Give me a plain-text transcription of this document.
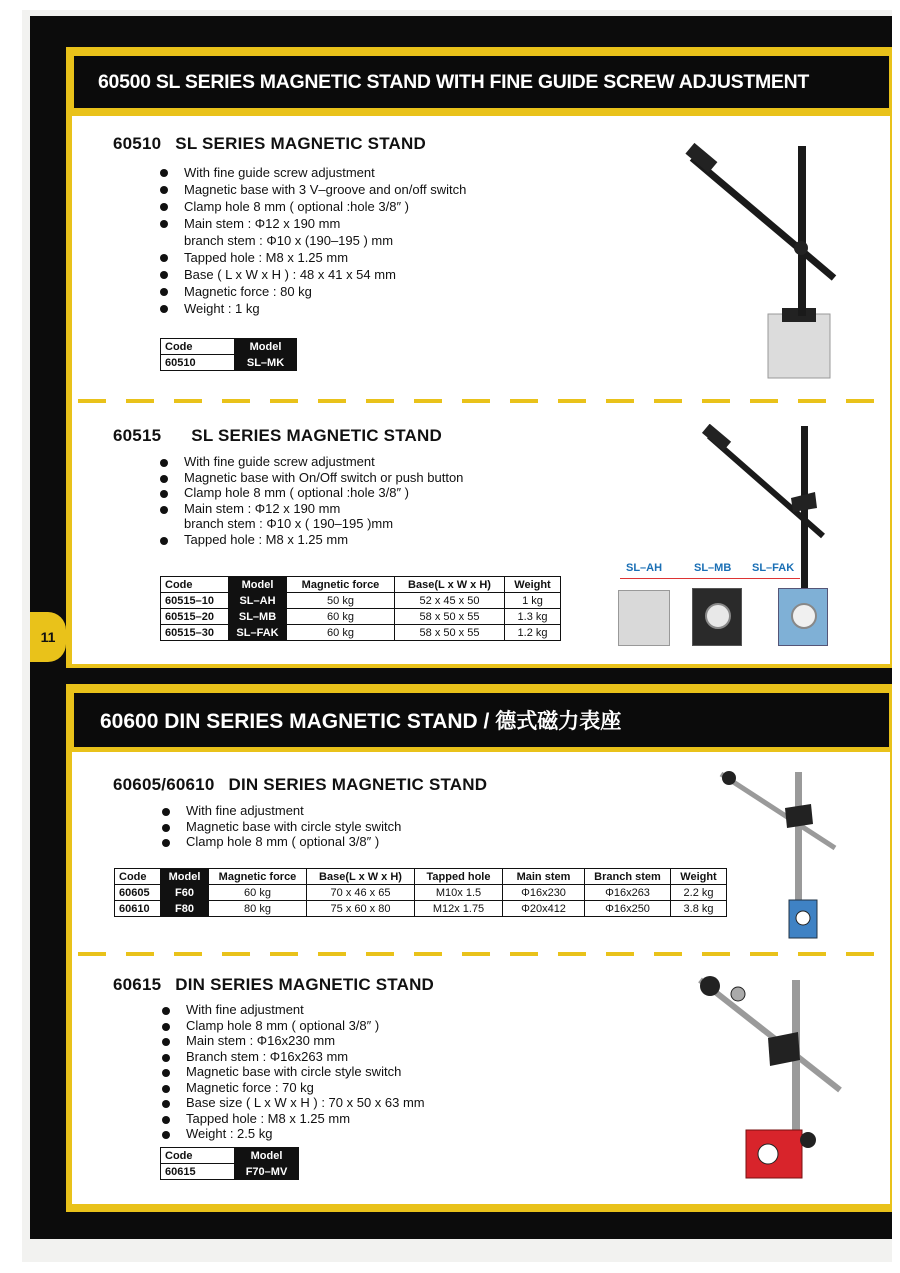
60500 SL SERIES MAGNETIC STAND WITH FINE GUIDE SCREW ADJUSTMENT
60510 SL SERIES MAGNETIC STAND
With fine guide screw adjustment
Magnetic base with 3 V–groove and on/off switch
Clamp hole 8 mm ( optional :hole 3/8″ )
Main stem : Φ12 x 190 mm
branch stem : Φ10 x (190–195 ) mm
Tapped hole : M8 x 1.25 mm
Base ( L x W x H ) : 48 x 41 x 54 mm
Magnetic force : 80 kg
Weight : 1 kg
Code	Model
60510	SL–MK
60515 SL SERIES MAGNETIC STAND
With fine guide screw adjustment
Magnetic base with On/Off switch or push button
Clamp hole 8 mm ( optional :hole 3/8″ )
Main stem : Φ12 x 190 mm
branch stem : Φ10 x ( 190–195 )mm
Tapped hole : M8 x 1.25 mm
Code	Model	Magnetic force	Base(L x W x H)	Weight
60515–10	SL–AH	50 kg	52 x 45 x 50	1 kg
60515–20	SL–MB	60 kg	58 x 50 x 55	1.3 kg
60515–30	SL–FAK	60 kg	58 x 50 x 55	1.2 kg
SL–AH	SL–MB SL–FAK
11
60600 DIN SERIES MAGNETIC STAND / 德式磁力表座
60605/60610 DIN SERIES MAGNETIC STAND
With fine adjustment
Magnetic base with circle style switch
Clamp hole 8 mm ( optional 3/8″ )
Code	Model	Magnetic force	Base(L x W x H)	Tapped hole	Main stem	Branch stem	Weight
60605	F60	60 kg	70 x 46 x 65	M10x 1.5	Φ16x230	Φ16x263	2.2 kg
60610	F80	80 kg	75 x 60 x 80	M12x 1.75	Φ20x412	Φ16x250	3.8 kg
60615 DIN SERIES MAGNETIC STAND
With fine adjustment
Clamp hole 8 mm ( optional 3/8″ )
Main stem : Φ16x230 mm
Branch stem : Φ16x263 mm
Magnetic base with circle style switch
Magnetic force : 70 kg
Base size ( L x W x H ) : 70 x 50 x 63 mm
Tapped hole : M8 x 1.25 mm
Weight : 2.5 kg
Code	Model
60615	F70–MV
